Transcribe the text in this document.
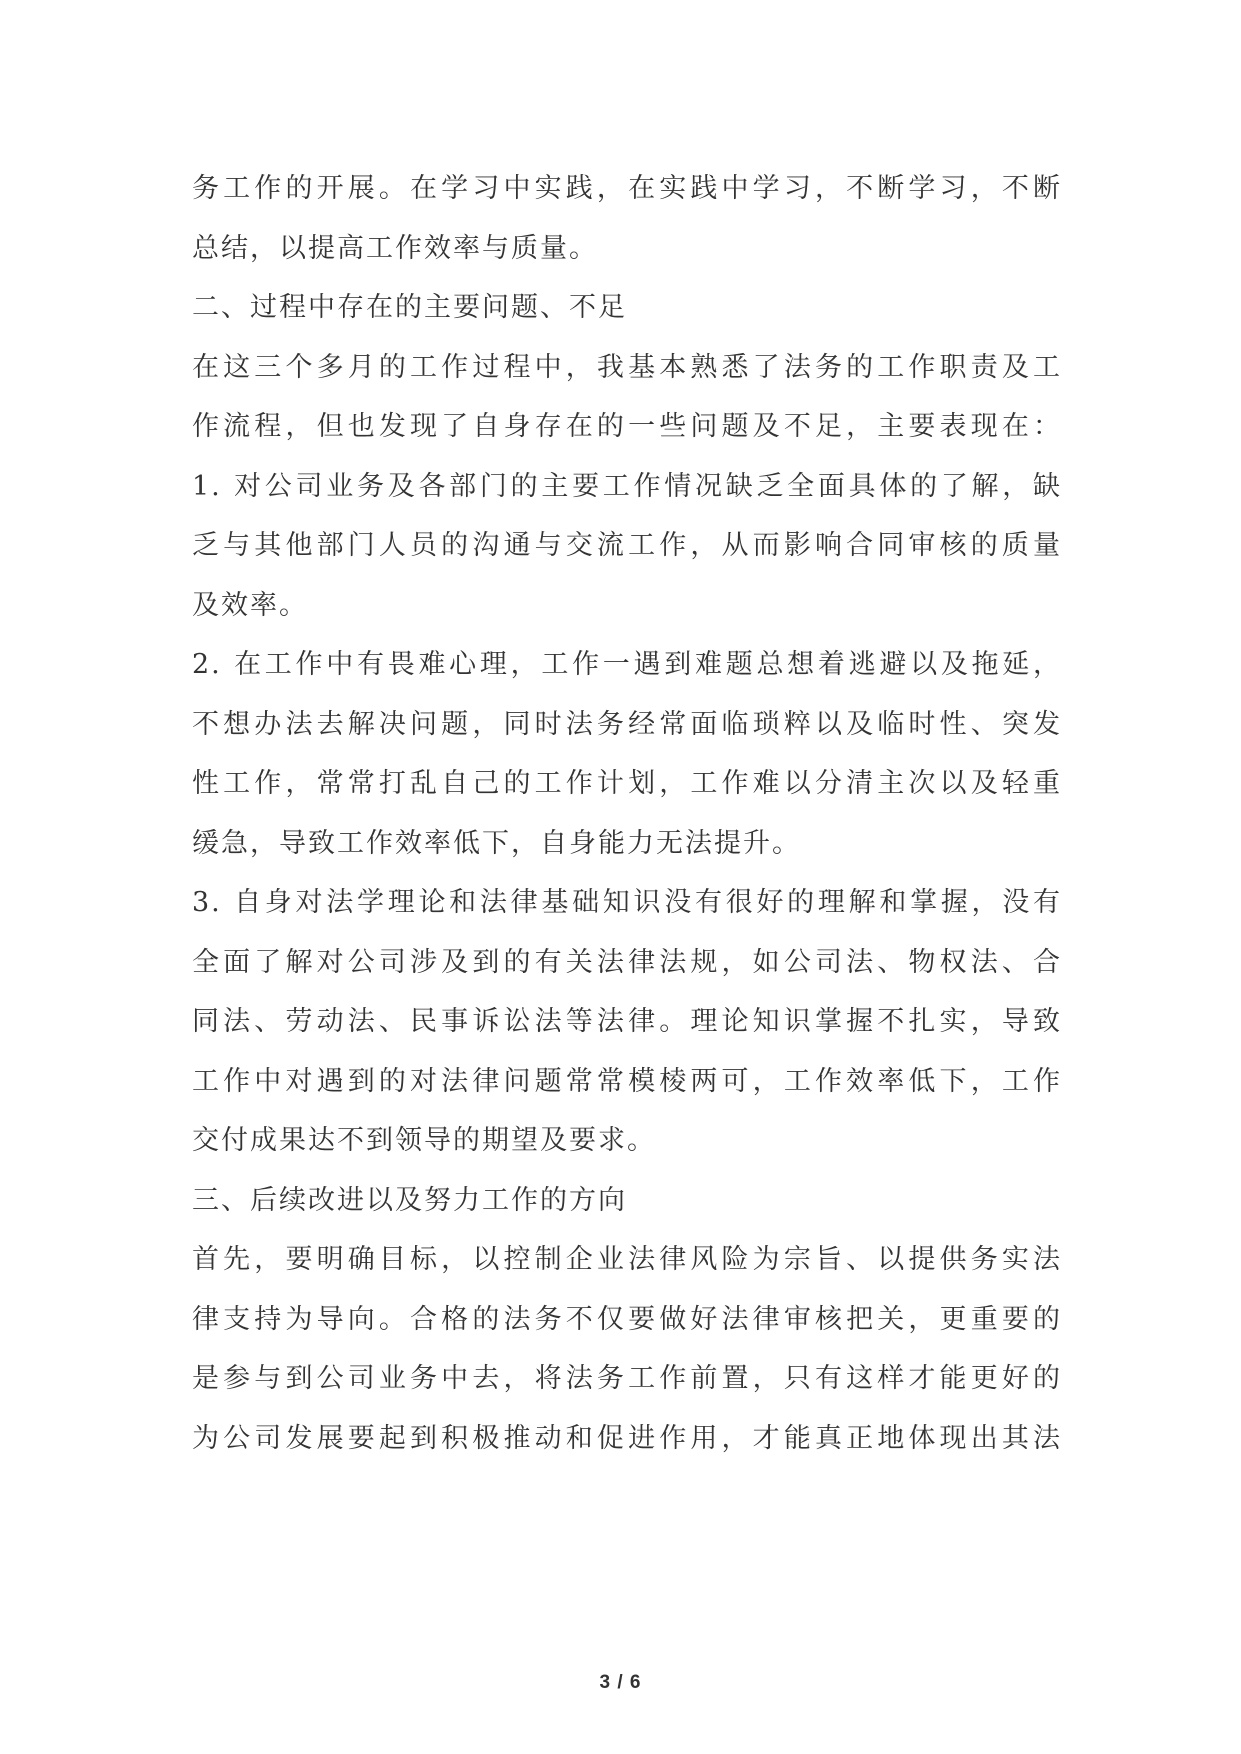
务工作的开展。在学习中实践，在实践中学习，不断学习，不断
总结，以提高工作效率与质量。
二、过程中存在的主要问题、不足
在这三个多月的工作过程中，我基本熟悉了法务的工作职责及工
作流程，但也发现了自身存在的一些问题及不足，主要表现在：
1. 对公司业务及各部门的主要工作情况缺乏全面具体的了解，缺
乏与其他部门人员的沟通与交流工作，从而影响合同审核的质量
及效率。
2. 在工作中有畏难心理，工作一遇到难题总想着逃避以及拖延，
不想办法去解决问题，同时法务经常面临琐粹以及临时性、突发
性工作，常常打乱自己的工作计划，工作难以分清主次以及轻重
缓急，导致工作效率低下，自身能力无法提升。
3. 自身对法学理论和法律基础知识没有很好的理解和掌握，没有
全面了解对公司涉及到的有关法律法规，如公司法、物权法、合
同法、劳动法、民事诉讼法等法律。理论知识掌握不扎实，导致
工作中对遇到的对法律问题常常模棱两可，工作效率低下，工作
交付成果达不到领导的期望及要求。
三、后续改进以及努力工作的方向
首先，要明确目标，以控制企业法律风险为宗旨、以提供务实法
律支持为导向。合格的法务不仅要做好法律审核把关，更重要的
是参与到公司业务中去，将法务工作前置，只有这样才能更好的
为公司发展要起到积极推动和促进作用，才能真正地体现出其法
3 / 6
